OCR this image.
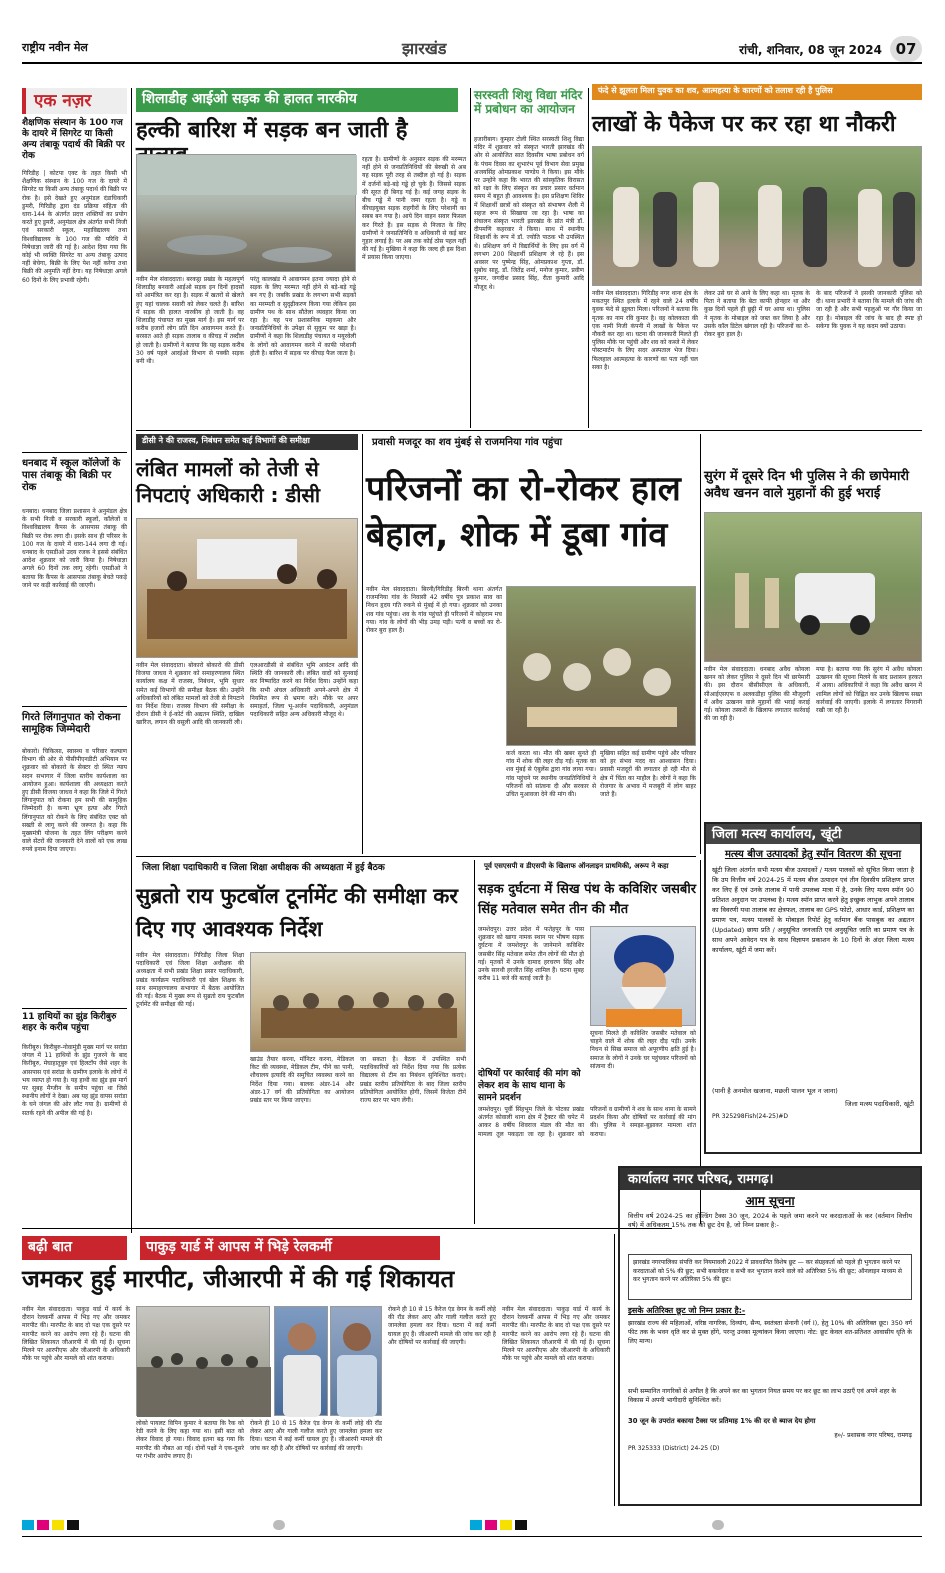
राष्ट्रीय नवीन मेल	झारखंड	रांची, शनिवार, 08 जून 2024 07
एक नज़र
शैक्षणिक संस्थान के 100 गज के दायरे में सिगरेट या किसी अन्य तंबाकू पदार्थ की बिक्री पर रोक
गिरिडीह | कोटपा एक्ट के तहत किसी भी शैक्षणिक संस्थान के 100 गज के दायरे में सिगरेट या किसी अन्य तंबाकू पदार्थ की बिक्री पर रोक है। इसे देखते हुए अनुमंडल दंडाधिकारी डुमरी, गिरिडीह द्वारा दंड प्रक्रिया संहिता की धारा-144 के अंतर्गत प्रदत्त शक्तियों का प्रयोग करते हुए डुमरी, अनुमंडल क्षेत्र अंतर्गत सभी निजी एवं सरकारी स्कूल, महाविद्यालय तथा विश्वविद्यालय के 100 गज की परिधि में निषेधाज्ञा जारी की गई है। आदेश दिया गया कि कोई भी व्यक्ति सिगरेट या अन्य तंबाकू उत्पाद नहीं बेचेगा, बिक्री के लिए पेश नहीं करेगा तथा बिक्री की अनुमति नहीं देगा। यह निषेधाज्ञा अगले 60 दिनों के लिए प्रभावी रहेगी।
धनबाद में स्कूल कॉलेजों के पास तंबाकू की बिक्री पर रोक
धनबाद। धनबाद जिला प्रशासन ने अनुमंडल क्षेत्र के सभी निजी व सरकारी स्कूलों, कॉलेजों व विश्वविद्यालय कैंपस के आसपास तंबाकू की बिक्री पर रोक लगा दी। इसके साथ ही परिसर के 100 गज के दायरे में धारा-144 लगा दी गई। धनबाद के एसडीओ उदय रजक ने इससे संबंधित आदेश शुक्रवार को जारी किया है। निषेधाज्ञा अगले 60 दिनों तक लागू रहेगी। एसडीओ ने बताया कि कैंपस के आसपास तंबाकू बेचते पकड़े जाने पर कड़ी कार्रवाई की जाएगी।
गिरते लिंगानुपात को रोकना सामूहिक जिम्मेदारी
बोकारो। चिकित्सा, स्वास्थ्य व परिवार कल्याण विभाग की ओर से पीसीपीएनडीटी अभियान पर शुक्रवार को बोकारो के सेक्टर दो स्थित न्याय सदन सभागार में जिला स्तरीय कार्यशाला का आयोजन हुआ। कार्यशाला की अध्यक्षता करते हुए डीसी विजया जाधव ने कहा कि जिले में गिरते लिंगानुपात को रोकना हम सभी की सामूहिक जिम्मेदारी है। कन्या भ्रूण हत्या और गिरते लिंगानुपात को रोकने के लिए संबंधित एक्ट को सख्ती से लागू करने की जरूरत है। कहा कि मुख्यमंत्री योजना के तहत लिंग परीक्षण करने वाले सेंटरों की जानकारी देने वालों को एक लाख रुपये इनाम दिया जाएगा।
11 हाथियों का झुंड किरीबुरु शहर के करीब पहुंचा
किरीबुरु। किरीबुरु-नोवामुंडी मुख्य मार्ग पर सरांडा जंगल में 11 हाथियों के झुंड गुजरने के बाद किरीबुरु, मेघाहातुबुरु एवं हिलटॉप जैसे शहर के आसपास एवं सरांडा के ग्रामीण इलाके के लोगों में भय व्याप्त हो गया है। यह हाथी का झुंड इस मार्ग पर सुबह मैग्जीन के समीप पहुंचा था जिसे स्थानीय लोगों ने देखा। अब यह झुंड वापस सरांडा के घने जंगल की ओर लौट गया है। ग्रामीणों से सतर्क रहने की अपील की गई है।
बढ़ी बात
शिलाडीह आईओ सड़क की हालत नारकीय
हल्की बारिश में सड़क बन जाती है
नवीन मेल संवाददाता। बरकट्ठा प्रखंड के महत्वपूर्ण शिलाडीह बनवारी आईओ सड़क इन दिनों हादसों को आमंत्रित कर रहा है। सड़क में खतरों से खेलते हुए यहां चालक सवारी को लेकर चलते हैं। बारिश में सड़क की हालत नारकीय हो जाती है। वह शिलाडीह पंचायत का मुख्य मार्ग है। इस मार्ग पर करीब हजारों लोग प्रति दिन आवागमन करते हैं। बरसात आते ही सड़क तालाब व कीचड़ में तब्दील हो जाती है। ग्रामीणों ने बताया कि यह सड़क करीब 30 वर्ष पहले आरईओ विभाग से पक्की सड़क बनी थी।
परंतु कालखंड में आवागमन इतना ज्यादा होने से सड़क के लिए मरम्मत नहीं होने से बड़े-बड़े गड्ढे बन गए हैं। जबकि प्रखंड के लगभग सभी सड़कों का मरम्मती व सुदृढ़ीकरण किया गया लेकिन इस ग्रामीण पथ के साथ सौतेला व्यवहार किया जा रहा है। यह पथ प्रशासनिक महकमा और जनप्रतिनिधियों के उपेक्षा से सुकूम पर खड़ा है। ग्रामीणों ने कहा कि शिलाडीह पंचायत व मयूरवेली के लोगों को आवागमन करने में काफी परेशानी होती है। बारिश में सड़क पर कीचड़ फैल जाता है।
रहता है। ग्रामीणों के अनुसार सड़क की मरम्मत नहीं होने से जनप्रतिनिधियों की बेरुखी से अब यह सड़क पूरी तरह से तब्दील हो गई है। सड़क में दर्जनों बड़े-बड़े गड्ढे हो चुके हैं। जिससे सड़क की सूरत ही बिगड़ गई है। कई जगह सड़क के बीच गड्ढे में पानी जमा रहता है। गड्ढे व कीचड़युक्त सड़क राहगीरों के लिए परेशानी का सबब बन गया है। आये दिन वाहन सवार फिसल कर गिरते हैं। इस सड़क से निजात के लिए ग्रामीणों ने जनप्रतिनिधि व अधिकारी से कई बार गुहार लगाई है। पर अब तक कोई ठोस पहल नहीं की गई है। मुखिया ने कहा कि जल्द ही इस दिशा में प्रयास किया जाएगा।
सरस्वती शिशु विद्या मंदिर में प्रबोधन का आयोजन
हजारीबाग। कुम्हार टोली स्थित सरस्वती शिशु विद्या मंदिर में शुक्रवार को संस्कृत भारती झारखंड की ओर से आयोजित सात दिवसीय भाषा प्रबोधन वर्ग के पंचम दिवस का शुभारंभ पूर्व विभाग सेवा प्रमुख अजयसिंह ओमप्रकाश पाण्डेय ने किया। इस मौके पर उन्होंने कहा कि भारत की सांस्कृतिक विरासत को रक्षा के लिए संस्कृत का प्रचार प्रसार वर्तमान समय में बहुत ही आवश्यक है। इस प्रशिक्षण शिविर में शिक्षार्थी छात्रों को संस्कृत को संभाषण शैली में सहज रूप से सिखाया जा रहा है। भाषा का संचालन संस्कृत भारती झारखंड के प्रांत मंत्री डॉ. दीपमणि कहरवार ने किया। साथ में स्थानीय शिक्षार्थी के रूप में डॉ. ज्योति पाठक भी उपस्थित थे। प्रशिक्षण वर्ग में विद्यार्थियों के लिए इस वर्ग में लगभग 200 शिक्षार्थी प्रशिक्षण ले रहे हैं। इस अवसर पर पुष्पेन्द्र सिंह, ओमप्रकाश गुप्ता, डॉ. सुबोध साहू, डॉ. जितेंद्र शर्मा, मनोज कुमार, प्रवीण कुमार, जगदीश प्रसाद सिंह, रीता कुमारी आदि मौजूद थे।
फंदे से झूलता मिला युवक का शव, आत्महत्या के कारणों को तलाश रही है पुलिस
लाखों के पैकेज पर कर रहा था नौकरी
नवीन मेल संवाददाता। गिरिडीह नगर थाना क्षेत्र के मकतपुर स्थित इलाके में रहने वाले 24 वर्षीय युवक फंदे से झूलता मिला। परिजनों ने बताया कि मृतक का नाम रवि कुमार है। वह कोलकाता की एक नामी निजी कंपनी में लाखों के पैकेज पर नौकरी कर रहा था। घटना की जानकारी मिलते ही पुलिस मौके पर पहुंची और शव को कब्जे में लेकर पोस्टमार्टम के लिए सदर अस्पताल भेज दिया। फिलहाल आत्महत्या के कारणों का पता नहीं चल सका है।
लेकर उसे घर से आने के लिए कहा था। मृतक के पिता ने बताया कि बेटा काफी होनहार था और कुछ दिनों पहले ही छुट्टी में घर आया था। पुलिस ने मृतक के मोबाइल को जब्त कर लिया है और उसके कॉल डिटेल खंगाल रही है। परिजनों का रो-रोकर बुरा हाल है।
के बाद परिजनों ने इसकी जानकारी पुलिस को दी। थाना प्रभारी ने बताया कि मामले की जांच की जा रही है और सभी पहलुओं पर गौर किया जा रहा है। मोबाइल की जांच के बाद ही स्पष्ट हो सकेगा कि युवक ने यह कदम क्यों उठाया।
डीसी ने की राजस्व, निबंधन समेत कई विभागों की समीक्षा
लंबित मामलों को तेजी से निपटाएं अधिकारी : डीसी
नवीन मेल संवाददाता। बोकारो बोकारो की डीसी विजया जाधव ने शुक्रवार को समाहरणालय स्थित कार्यालय कक्ष में राजस्व, निबंधन, भूमि सुधार समेत कई विभागों की समीक्षा बैठक की। उन्होंने अधिकारियों को लंबित मामलों को तेजी से निपटाने का निर्देश दिया। राजस्व विभाग की समीक्षा के दौरान डीसी ने ई-कोर्ट की अद्यतन स्थिति, दाखिल खारिज, लगान की वसूली आदि की जानकारी ली।
एलआरडीसी से संबंधित भूमि आवंटन आदि की स्थिति की जानकारी ली। लंबित वादों को सुनवाई कर निष्पादित करने का निर्देश दिया। उन्होंने कहा कि सभी अंचल अधिकारी अपने-अपने क्षेत्र में नियमित रूप से भ्रमण करें। मौके पर अपर समाहर्ता, जिला भू-अर्जन पदाधिकारी, अनुमंडल पदाधिकारी सहित अन्य अधिकारी मौजूद थे।
प्रवासी मजदूर का शव मुंबई से राजमनिया गांव पहुंचा
परिजनों का रो-रोकर हाल बेहाल, शोक में डूबा गांव
नवीन मेल संवाददाता। बिरनी/गिरिडीह बिरनी थाना अंतर्गत राजमनिया गांव के निवासी 42 वर्षीय पुत्र प्रकाश साव का निधन हृदय गति रुकने से मुंबई में हो गया। शुक्रवार को उनका शव गांव पहुंचा। शव के गांव पहुंचते ही परिजनों में कोहराम मच गया। गांव के लोगों की भीड़ उमड़ पड़ी। पत्नी व बच्चों का रो-रोकर बुरा हाल है।
कर्ज करता था। मौत की खबर सुनते ही गांव में शोक की लहर दौड़ गई। मृतक का शव मुंबई से एंबुलेंस द्वारा गांव लाया गया। गांव पहुंचने पर स्थानीय जनप्रतिनिधियों ने परिजनों को सांत्वना दी और सरकार से उचित मुआवजा देने की मांग की।
मुखिया सहित कई ग्रामीण पहुंचे और परिवार को हर संभव मदद का आश्वासन दिया। प्रवासी मजदूरों की लगातार हो रही मौत से क्षेत्र में चिंता का माहौल है। लोगों ने कहा कि रोजगार के अभाव में मजबूरी में लोग बाहर जाते हैं।
सुरंग में दूसरे दिन भी पुलिस ने की छापेमारी अवैध खनन वाले मुहानों की हुई भराई
नवीन मेल संवाददाता। धनबाद अवैध कोयला खनन को लेकर पुलिस ने दूसरे दिन भी छापेमारी की। इस दौरान बीसीसीएल के अधिकारी, सीआईएसएफ व अलकडीहा पुलिस की मौजूदगी में अवैध उत्खनन वाले मुहानों की भराई कराई गई। कोयला तस्करों के खिलाफ लगातार कार्रवाई की जा रही है।
मया है। बताया गया कि सुरंग में अवैध कोयला उत्खनन की सूचना मिलने के बाद प्रशासन हरकत में आया। अधिकारियों ने कहा कि अवैध खनन में शामिल लोगों को चिह्नित कर उनके खिलाफ सख्त कार्रवाई की जाएगी। इलाके में लगातार निगरानी रखी जा रही है।
जिला शिक्षा पदाधिकारी व जिला शिक्षा अधीक्षक की अध्यक्षता में हुई बैठक
सुब्रतो राय फुटबॉल टूर्नामेंट की समीक्षा कर दिए गए आवश्यक निर्देश
नवीन मेल संवाददाता। गिरिडीह जिला शिक्षा पदाधिकारी एवं जिला शिक्षा अधीक्षक की अध्यक्षता में सभी प्रखंड शिक्षा प्रसार पदाधिकारी, प्रखंड कार्यक्रम पदाधिकारी एवं खेल शिक्षक के साथ समाहरणालय सभागार में बैठक आयोजित की गई। बैठक में मुख्य रूप से सुब्रतो राय फुटबॉल टूर्नामेंट की समीक्षा की गई।
खाउंड तैयार करना, मॉनिटर करना, मेडिकल किट की व्यवस्था, मेडिकल टीम, पीने का पानी, शौचालय इत्यादि की समुचित व्यवस्था करने का निर्देश दिया गया। बालक अंडर-14 और अंडर-17 वर्ग की प्रतियोगिता का आयोजन प्रखंड स्तर पर किया जाएगा।
जा सकता है। बैठक में उपस्थित सभी पदाधिकारियों को निर्देश दिया गया कि प्रत्येक विद्यालय से टीम का निबंधन सुनिश्चित कराएं। प्रखंड स्तरीय प्रतियोगिता के बाद जिला स्तरीय प्रतियोगिता आयोजित होगी, जिसमें विजेता टीमें राज्य स्तर पर भाग लेंगी।
पूर्व एसएसपी व डीएसपी के खिलाफ ऑनलाइन प्राथमिकी, अरूप ने कहा
सड़क दुर्घटना में सिख पंथ के कविशिर जसबीर सिंह मतेवाल समेत तीन की मौत
जमशेदपुर। उत्तर प्रदेश में फतेहपुर के पास शुक्रवार को खागा नामक स्थान पर भीषण सड़क दुर्घटना में जमशेदपुर के जानेमाने कविशिर जसबीर सिंह मतेवाल समेत तीन लोगों की मौत हो गई। मृतकों में उनके दामाद हरचरण सिंह और उनके सारथी हरजीत सिंह शामिल हैं। घटना सुबह करीब 11 बजे की बताई जाती है।
सूचना मिलते ही कविशिर जसबीर मतेवाल को चाहने वाले में शोक की लहर दौड़ पड़ी। उनके निधन से सिख समाज को अपूरणीय क्षति हुई है। समाज के लोगों ने उनके घर पहुंचकर परिजनों को सांत्वना दी।
दोषियों पर कार्रवाई की मांग को लेकर शव के साथ थाना के सामने प्रदर्शन
जमशेदपुर। पूर्वी सिंहभूम जिले के पोटका प्रखंड अंतर्गत कोवाली थाना क्षेत्र में ट्रैक्टर की चपेट में आकर 8 वर्षीय शिवराज मंडल की मौत का मामला तूल पकड़ता जा रहा है। शुक्रवार को परिजनों व ग्रामीणों ने शव के साथ थाना के सामने प्रदर्शन किया और दोषियों पर कार्रवाई की मांग की। पुलिस ने समझा-बुझाकर मामला शांत कराया।
जिला मत्स्य कार्यालय, खूंटी
मत्स्य बीज उत्पादकों हेतु स्पॉन वितरण की सूचना
खूंटी जिला अंतर्गत सभी मत्स्य बीज उत्पादकों / मत्स्य पालकों को सूचित किया जाता है कि उप वित्तीय वर्ष 2024-25 में मत्स्य बीज उत्पादन एवं तीन दिवसीय प्रशिक्षण प्राप्त कर लिए हैं एवं उनके तालाब में पानी उपलब्ध मात्रा में है, उनके लिए मत्स्य स्पॉन 90 प्रतिशत अनुदान पर उपलब्ध है। मत्स्य स्पॉन प्राप्त करने हेतु इच्छुक लाभुक अपने तालाब का विवरणी यथा तालाब का क्षेत्रफल, तालाब का GPS फोटो, आधार कार्ड, प्रशिक्षण का प्रमाण पत्र, मत्स्य पालकों के मोबाइल रिपोर्ट हेतु वर्तमान बैंक पासबुक का अद्यतन (Updated) छाया प्रति / अनुसूचित जनजाति एवं अनुसूचित जाति का प्रमाण पत्र के साथ अपने आवेदन पत्र के साथ विज्ञापन प्रकाशन के 10 दिनों के अंदर जिला मत्स्य कार्यालय, खूंटी में जमा करें।
(पानी है अनमोल खजाना, मछली पालन भूल न जाना)
जिला मत्स्य पदाधिकारी, खूंटी
PR 325298Fish(24-25)#D
पाकुड़ यार्ड में आपस में भिड़े रेलकर्मी
जमकर हुई मारपीट, जीआरपी में की गई शिकायत
नवीन मेल संवाददाता। पाकुड़ यार्ड में कार्य के दौरान रेलकर्मी आपस में भिड़ गए और जमकर मारपीट की। मारपीट के बाद दो पक्ष एक दूसरे पर मारपीट करने का आरोप लगा रहे हैं। घटना की लिखित शिकायत जीआरपी में की गई है। सूचना मिलने पर आरपीएफ और जीआरपी के अधिकारी मौके पर पहुंचे और मामले को शांत कराया।
लोको पायलट विपिन कुमार ने बताया कि रैक को रेडी करने के लिए कहा गया था। इसी बात को लेकर विवाद हो गया। विवाद इतना बढ़ गया कि मारपीट की नौबत आ गई। दोनों पक्षों ने एक-दूसरे पर गंभीर आरोप लगाए हैं।
रोकने ही 10 से 15 कैरेज एंड वेगन के कर्मी लोहे की रॉड लेकर आए और गाली गलौज करते हुए जानलेवा हमला कर दिया। घटना में कई कर्मी घायल हुए हैं। जीआरपी मामले की जांच कर रही है और दोषियों पर कार्रवाई की जाएगी।
रोकने ही 10 से 15 कैरेज एंड वेगन के कर्मी लोहे की रॉड लेकर आए और गाली गलौज करते हुए जानलेवा हमला कर दिया। घटना में कई कर्मी घायल हुए हैं। जीआरपी मामले की जांच कर रही है और दोषियों पर कार्रवाई की जाएगी।
नवीन मेल संवाददाता। पाकुड़ यार्ड में कार्य के दौरान रेलकर्मी आपस में भिड़ गए और जमकर मारपीट की। मारपीट के बाद दो पक्ष एक दूसरे पर मारपीट करने का आरोप लगा रहे हैं। घटना की लिखित शिकायत जीआरपी में की गई है। सूचना मिलने पर आरपीएफ और जीआरपी के अधिकारी मौके पर पहुंचे और मामले को शांत कराया।
कार्यालय नगर परिषद, रामगढ़।
आम सूचना
वित्तीय वर्ष 2024-25 का होल्डिंग टैक्स 30 जून, 2024 के पहले जमा करने पर करदाताओं के कर (वर्तमान वित्तीय वर्ष) में अधिकतम 15% तक की छूट देय है, जो निम्न प्रकार है:-
झारखंड नगरपालिका संपत्ति कर नियमावली 2022 में प्रावधानित विशेष छूट — कर संग्रहकर्ता को पहले ही भुगतान करने पर करदाताओं को 5% की छूट; सभी बकायेदार व सभी कर भुगतान करने वाले को अतिरिक्त 5% की छूट; ऑनलाइन माध्यम से कर भुगतान करने पर अतिरिक्त 5% की छूट।
इसके अतिरिक्त छूट जो निम्न प्रकार है:-
झारखंड राज्य की महिलाओं, वरिष्ठ नागरिक, दिव्यांग, सैन्य, स्वतंत्रता सेनानी (वर्ग I), हेतु 10% की अतिरिक्त छूट। 350 वर्ग फीट तक के भवन धृति कर से मुक्त होंगे, परन्तु उनका मूल्यांकन किया जाएगा। नोट: छूट केवल शत-प्रतिशत आवासीय धृति के लिए मान्य।
सभी सम्मानित नागरिकों से अपील है कि अपने कर का भुगतान नियत समय पर कर छूट का लाभ उठाएँ एवं अपने शहर के विकास में अपनी भागीदारी सुनिश्चित करें।
30 जून के उपरांत बकाया टैक्स पर प्रतिमाह 1% की दर से ब्याज देय होगा
ह०/- प्रशासक नगर परिषद, रामगढ़
PR 325333 (District) 24-25 (D)
